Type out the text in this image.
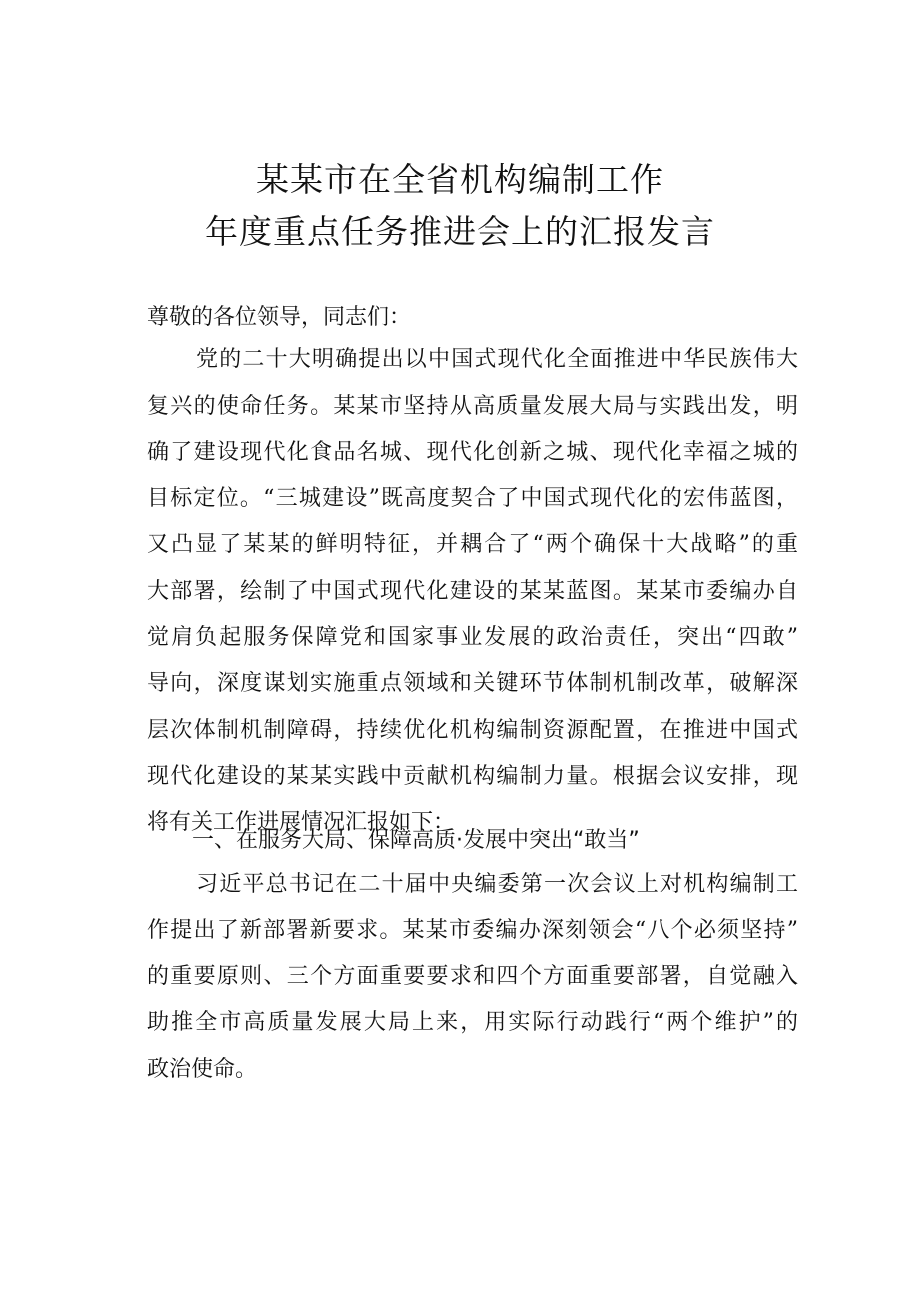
某某市在全省机构编制工作
年度重点任务推进会上的汇报发言
尊敬的各位领导，同志们：
党的二十大明确提出以中国式现代化全面推进中华民族伟大
复兴的使命任务。某某市坚持从高质量发展大局与实践出发，明
确了建设现代化食品名城、现代化创新之城、现代化幸福之城的
目标定位。“三城建设”既高度契合了中国式现代化的宏伟蓝图，
又凸显了某某的鲜明特征，并耦合了“两个确保十大战略”的重
大部署，绘制了中国式现代化建设的某某蓝图。某某市委编办自
觉肩负起服务保障党和国家事业发展的政治责任，突出“四敢”
导向，深度谋划实施重点领域和关键环节体制机制改革，破解深
层次体制机制障碍，持续优化机构编制资源配置，在推进中国式
现代化建设的某某实践中贡献机构编制力量。根据会议安排，现
将有关工作进展情况汇报如下：
一、在服务大局、保障高质·发展中突出“敢当”
习近平总书记在二十届中央编委第一次会议上对机构编制工
作提出了新部署新要求。某某市委编办深刻领会“八个必须坚持”
的重要原则、三个方面重要要求和四个方面重要部署，自觉融入
助推全市高质量发展大局上来，用实际行动践行“两个维护”的
政治使命。
